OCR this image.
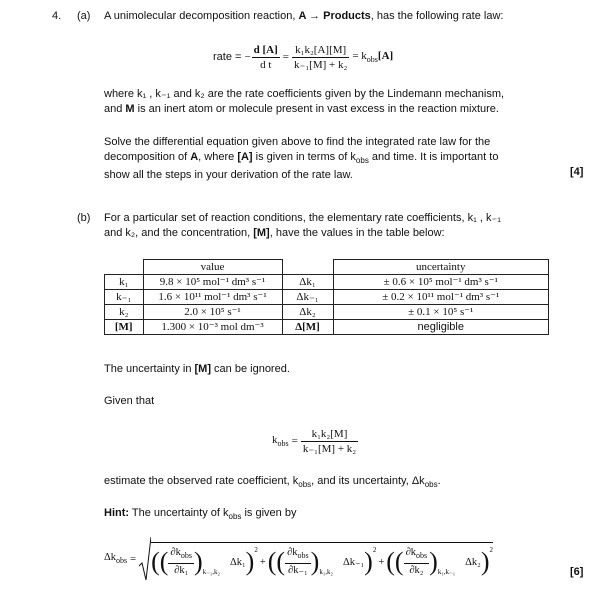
4. (a) A unimolecular decomposition reaction, A → Products, has the following rate law:
rate = − $\frac{d [A]}{\text{d t}} = \frac{\text{k₁k₂[A][M]}}{\text{k₋₁[M] + k₂}} = k_{obs}[A]$
where k₁ , k₋₁ and k₂ are the rate coefficients given by the Lindemann mechanism,
and M is an inert atom or molecule present in vast excess in the reaction mixture.
Solve the differential equation given above to find the integrated rate law for the
decomposition of A, where [A] is given in terms of $k_{obs}$ and time. It is important to
show all the steps in your derivation of the rate law.	[4]
(b) For a particular set of reaction conditions, the elementary rate coefficients, k₁ , k₋₁
and k₂, and the concentration, [M], have the values in the table below:
	value		uncertainty
k₁	9.8 × 10⁵ mol⁻¹ dm³ s⁻¹	Δk₁	± 0.6 × 10⁵ mol⁻¹ dm³ s⁻¹
k₋₁	1.6 × 10¹¹ mol⁻¹ dm³ s⁻¹	Δk₋₁	± 0.2 × 10¹¹ mol⁻¹ dm³ s⁻¹
k₂	2.0 × 10⁵ s⁻¹	Δk₂	± 0.1 × 10⁵ s⁻¹
[M]	1.300 × 10⁻³ mol dm⁻³	Δ[M]	negligible
The uncertainty in [M] can be ignored.
Given that
$k_{obs} = \frac{\text{k₁k₂[M]}}{\text{k₋₁[M] + k₂}}$
estimate the observed rate coefficient, $k_{obs}$, and its uncertainty, $\Delta k_{obs}$.
Hint: The uncertainty of $k_{obs}$ is given by
$\Delta k_{obs}$ = (( $\frac{\partial k_{obs}}{\text{∂k₁}} )_{k_{-1},k_2}$
Δk₁ )$^2$
+ (( $\frac{\partial k_{obs}}{\text{∂k₋₁}} )_{k_1,k_2}$
Δk₋₁ )$^2$
+ (( $\frac{\partial k_{obs}}{\text{∂k₂}} )_{k_1,k_{-1}}$
Δk₂ )$^2$
[6]
